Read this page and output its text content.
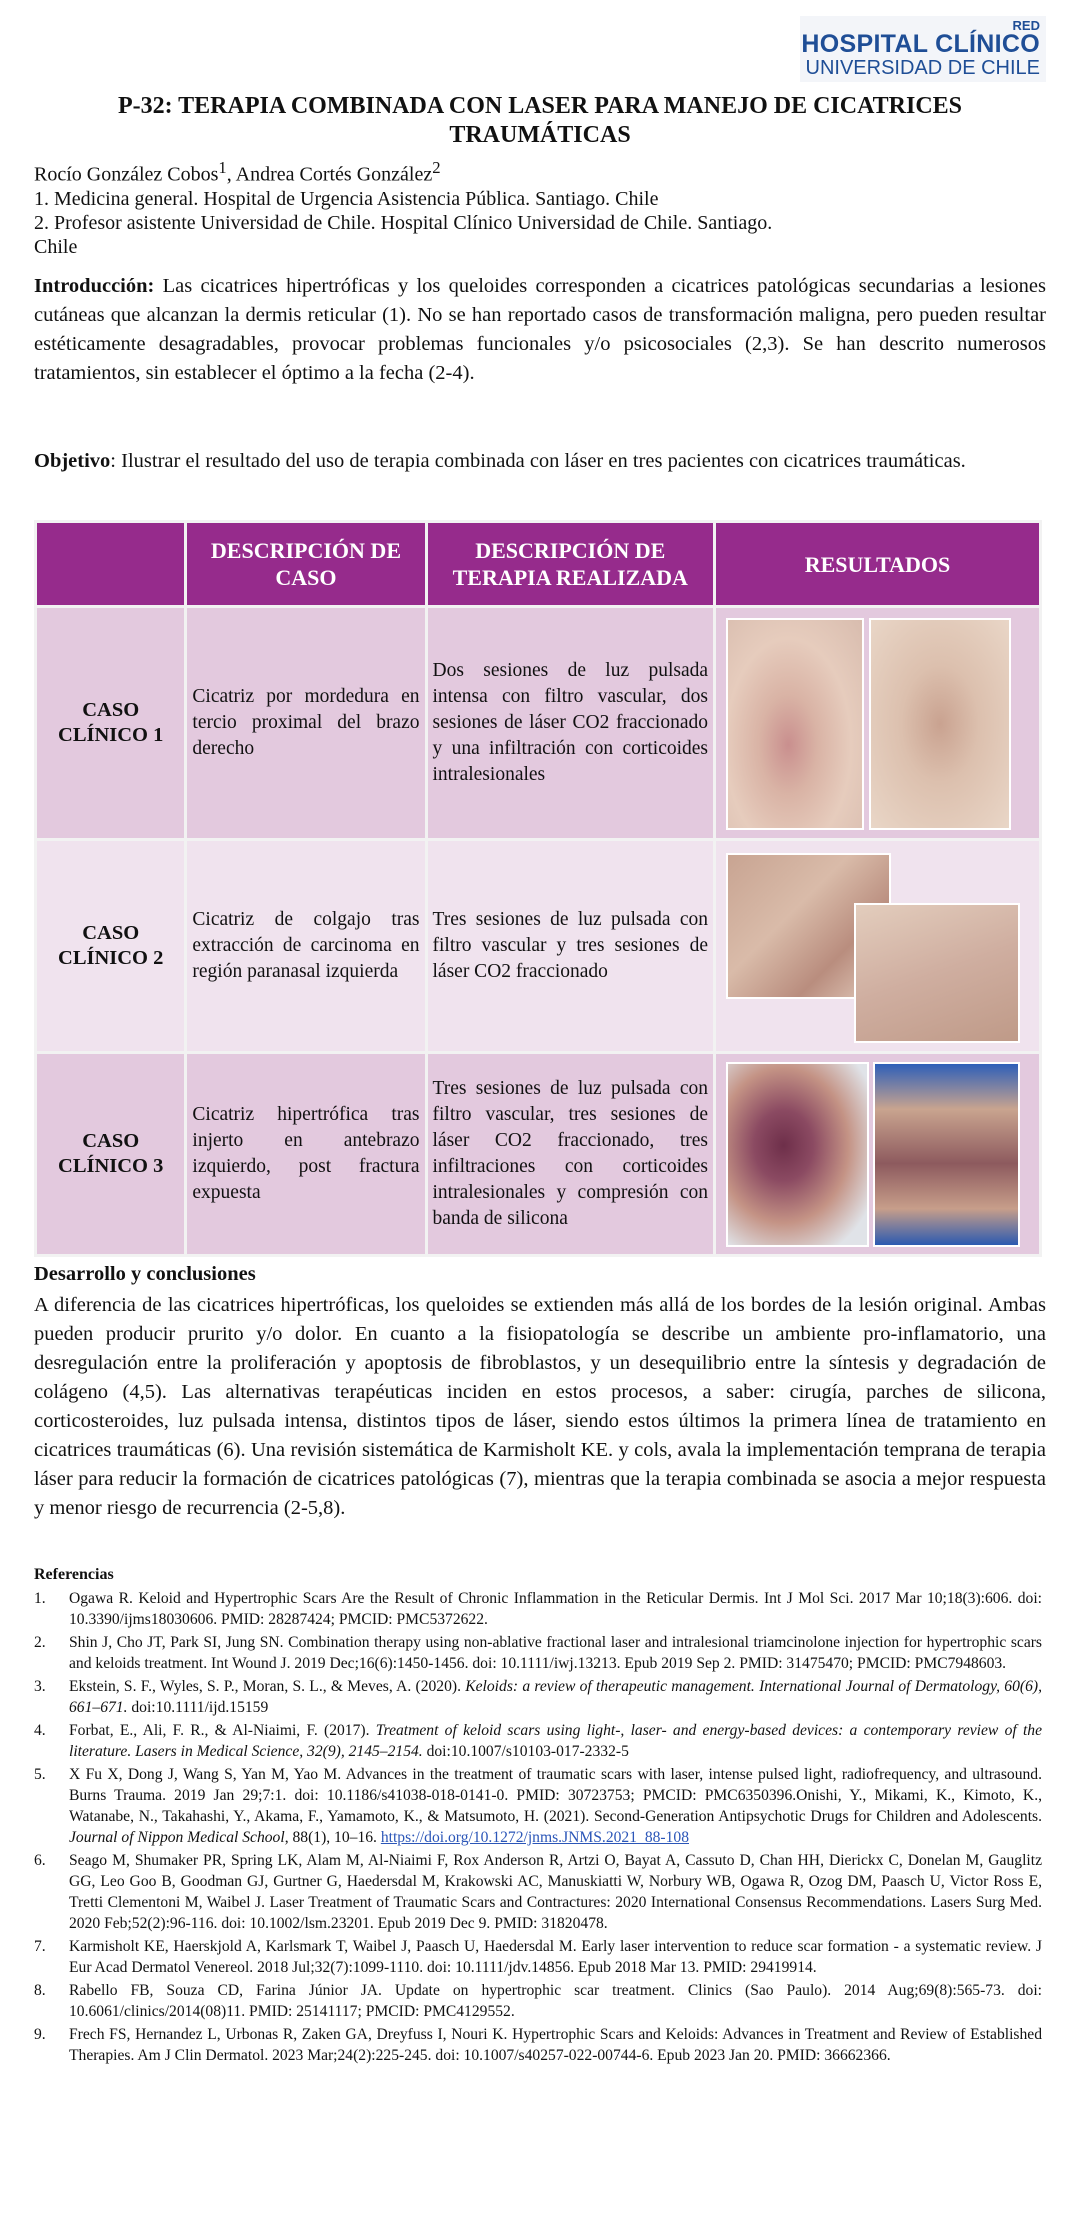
RED
HOSPITAL CLÍNICO
UNIVERSIDAD DE CHILE
P-32: TERAPIA COMBINADA CON LASER PARA MANEJO DE CICATRICES TRAUMÁTICAS

Rocío González Cobos$^1$, Andrea Cortés González$^2$

1. Medicina general. Hospital de Urgencia Asistencia Pública. Santiago. Chile

2. Profesor asistente Universidad de Chile. Hospital Clínico Universidad de Chile. Santiago.

Chile

Introducción: Las cicatrices hipertróficas y los queloides corresponden a cicatrices patológicas secundarias a lesiones cutáneas que alcanzan la dermis reticular (1). No se han reportado casos de transformación maligna, pero pueden resultar estéticamente desagradables, provocar problemas funcionales y/o psicosociales (2,3). Se han descrito numerosos tratamientos, sin establecer el óptimo a la fecha (2-4).

Objetivo: Ilustrar el resultado del uso de terapia combinada con láser en tres pacientes con cicatrices traumáticas.

	DESCRIPCIÓN DE CASO	DESCRIPCIÓN DE TERAPIA REALIZADA	RESULTADOS
CASO CLÍNICO 1	Cicatriz por mordedura en tercio proximal del brazo derecho	Dos sesiones de luz pulsada intensa con filtro vascular, dos sesiones de láser CO2 fraccionado y una infiltración con corticoides intralesionales	

CASO CLÍNICO 2	Cicatriz de colgajo tras extracción de carcinoma en región paranasal izquierda	Tres sesiones de luz pulsada con filtro vascular y tres sesiones de láser CO2 fraccionado	

CASO CLÍNICO 3	Cicatriz hipertrófica tras injerto en antebrazo izquierdo, post fractura expuesta	Tres sesiones de luz pulsada con filtro vascular, tres sesiones de láser CO2 fraccionado, tres infiltraciones con corticoides intralesionales y compresión con banda de silicona	

Desarrollo y conclusiones

A diferencia de las cicatrices hipertróficas, los queloides se extienden más allá de los bordes de la lesión original. Ambas pueden producir prurito y/o dolor. En cuanto a la fisiopatología se describe un ambiente pro-inflamatorio, una desregulación entre la proliferación y apoptosis de fibroblastos, y un desequilibrio entre la síntesis y degradación de colágeno (4,5). Las alternativas terapéuticas inciden en estos procesos, a saber: cirugía, parches de silicona, corticosteroides, luz pulsada intensa, distintos tipos de láser, siendo estos últimos la primera línea de tratamiento en cicatrices traumáticas (6). Una revisión sistemática de Karmisholt KE. y cols, avala la implementación temprana de terapia láser para reducir la formación de cicatrices patológicas (7), mientras que la terapia combinada se asocia a mejor respuesta y menor riesgo de recurrencia (2-5,8).

Referencias

1. Ogawa R. Keloid and Hypertrophic Scars Are the Result of Chronic Inflammation in the Reticular Dermis. Int J Mol Sci. 2017 Mar 10;18(3):606. doi: 10.3390/ijms18030606. PMID: 28287424; PMCID: PMC5372622.
2. Shin J, Cho JT, Park SI, Jung SN. Combination therapy using non-ablative fractional laser and intralesional triamcinolone injection for hypertrophic scars and keloids treatment. Int Wound J. 2019 Dec;16(6):1450-1456. doi: 10.1111/iwj.13213. Epub 2019 Sep 2. PMID: 31475470; PMCID: PMC7948603.
3. Ekstein, S. F., Wyles, S. P., Moran, S. L., & Meves, A. (2020). Keloids: a review of therapeutic management. International Journal of Dermatology, 60(6), 661–671. doi:10.1111/ijd.15159
4. Forbat, E., Ali, F. R., & Al-Niaimi, F. (2017). Treatment of keloid scars using light-, laser- and energy-based devices: a contemporary review of the literature. Lasers in Medical Science, 32(9), 2145–2154. doi:10.1007/s10103-017-2332-5
5. X Fu X, Dong J, Wang S, Yan M, Yao M. Advances in the treatment of traumatic scars with laser, intense pulsed light, radiofrequency, and ultrasound. Burns Trauma. 2019 Jan 29;7:1. doi: 10.1186/s41038-018-0141-0. PMID: 30723753; PMCID: PMC6350396.Onishi, Y., Mikami, K., Kimoto, K., Watanabe, N., Takahashi, Y., Akama, F., Yamamoto, K., & Matsumoto, H. (2021). Second-Generation Antipsychotic Drugs for Children and Adolescents. Journal of Nippon Medical School, 88(1), 10–16. https://doi.org/10.1272/jnms.JNMS.2021_88-108
6. Seago M, Shumaker PR, Spring LK, Alam M, Al-Niaimi F, Rox Anderson R, Artzi O, Bayat A, Cassuto D, Chan HH, Dierickx C, Donelan M, Gauglitz GG, Leo Goo B, Goodman GJ, Gurtner G, Haedersdal M, Krakowski AC, Manuskiatti W, Norbury WB, Ogawa R, Ozog DM, Paasch U, Victor Ross E, Tretti Clementoni M, Waibel J. Laser Treatment of Traumatic Scars and Contractures: 2020 International Consensus Recommendations. Lasers Surg Med. 2020 Feb;52(2):96-116. doi: 10.1002/lsm.23201. Epub 2019 Dec 9. PMID: 31820478.
7. Karmisholt KE, Haerskjold A, Karlsmark T, Waibel J, Paasch U, Haedersdal M. Early laser intervention to reduce scar formation - a systematic review. J Eur Acad Dermatol Venereol. 2018 Jul;32(7):1099-1110. doi: 10.1111/jdv.14856. Epub 2018 Mar 13. PMID: 29419914.
8. Rabello FB, Souza CD, Farina Júnior JA. Update on hypertrophic scar treatment. Clinics (Sao Paulo). 2014 Aug;69(8):565-73. doi: 10.6061/clinics/2014(08)11. PMID: 25141117; PMCID: PMC4129552.
9. Frech FS, Hernandez L, Urbonas R, Zaken GA, Dreyfuss I, Nouri K. Hypertrophic Scars and Keloids: Advances in Treatment and Review of Established Therapies. Am J Clin Dermatol. 2023 Mar;24(2):225-245. doi: 10.1007/s40257-022-00744-6. Epub 2023 Jan 20. PMID: 36662366.
